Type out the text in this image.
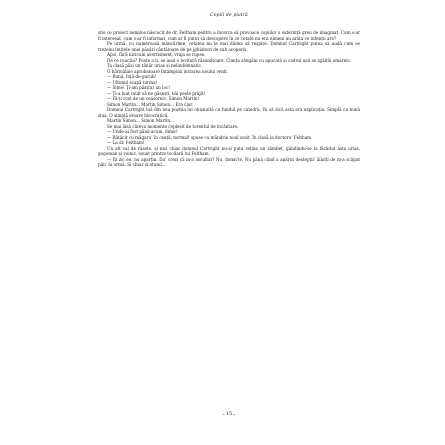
Copiii de piatră

știe ce proiect nemilos născocit de dr. Feltham pentru a încerca să provoace copiilor o suferință greu de imaginat. Cum s-ar fi interesat, cum s-ar fi informat, cum ar fi putut să descopere în ce cetate nu era nimeni nu arăta ce intenții are?

Pe urmă, cu numeroasă mâncărime, cetatea nu le mai dădea să respire. Domnul Cartright putea să audă cum se trezeau fetițele unei păsări cântătoare de pe jghiaburi de sub acoperiș.

Apoi, fără nicicum avertisment, vraja se rupse.

De ce reacția? Poate a ți, se auzi o lovitură răsunătoare. Clanța zângăni cu apucată și cadrul ușii se zgâlțâi amarnic.

Ta clasă păși un tânăr urias și nelindemnatic.

O hărmălaie aprobatoare întâmpină intrarea noului venit.

— Bună, față-de-gurub!

— Ultimul scapă turma!

— Sime! Ți-am păstrat un loc!

— Ți-a luat mult să ne găsești, băi pește prăjit!

— Fă-ți rost de un ceasornic, Simon Martin!

Simon Martin... Martin Simon... Era clar.

Domnul Cartright luă din nou poziția lui obișnuită cu fundul pe catedră. Va să zică asta era explicația. Simplă ca bună ziua. O simplă eroare birocratică.

Martin Simon... Simon Martin...

Se mai lăsă câteva momente copleșit de torentul de încântare.

— Unde-ai fost până-acum, Sime?

— Rătăcit cu măgaru’ în ceață, normal! spuse cu mândrie noul sosit. În clasă la doctoru’ Feltham.

— La dr. Feltham!

Un alt val de râsete, și nici chiar domnul Cartright nu-și putu reține un zâmbet, gândindu-se la fâcâitul ăsta urias, gogoman și voinic, eșuat printre tocilarii lui Feltham.

— Iți zic eu, nu aparțin. Da’ crezi că m-a ascultat? Nu, domn’le. Nu până când a apărut deștepții’ ăilalți de m-a scăpat pân’ la urmă. Și chiar și atunci...

ـ 15 ـ
